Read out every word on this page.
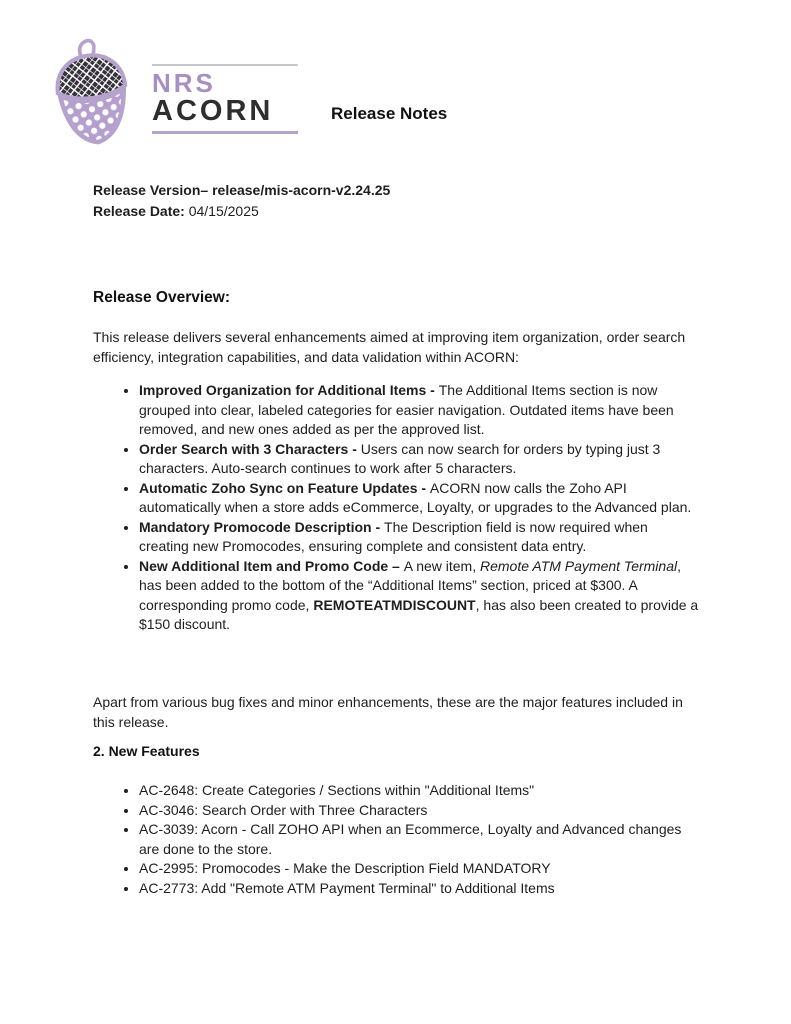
NRS
ACORN	Release Notes
Release Version– release/mis-acorn-v2.24.25
Release Date: 04/15/2025
Release Overview:

This release delivers several enhancements aimed at improving item organization, order search efficiency, integration capabilities, and data validation within ACORN:

• Improved Organization for Additional Items - The Additional Items section is now grouped into clear, labeled categories for easier navigation. Outdated items have been removed, and new ones added as per the approved list.
• Order Search with 3 Characters - Users can now search for orders by typing just 3 characters. Auto-search continues to work after 5 characters.
• Automatic Zoho Sync on Feature Updates - ACORN now calls the Zoho API automatically when a store adds eCommerce, Loyalty, or upgrades to the Advanced plan.
• Mandatory Promocode Description - The Description field is now required when creating new Promocodes, ensuring complete and consistent data entry.
• New Additional Item and Promo Code – A new item, Remote ATM Payment Terminal, has been added to the bottom of the “Additional Items” section, priced at $300. A corresponding promo code, REMOTEATMDISCOUNT, has also been created to provide a $150 discount.

Apart from various bug fixes and minor enhancements, these are the major features included in this release.

2. New Features
• AC-2648: Create Categories / Sections within "Additional Items"
• AC-3046: Search Order with Three Characters
• AC-3039: Acorn - Call ZOHO API when an Ecommerce, Loyalty and Advanced changes are done to the store.
• AC-2995: Promocodes - Make the Description Field MANDATORY
• AC-2773: Add "Remote ATM Payment Terminal" to Additional Items
